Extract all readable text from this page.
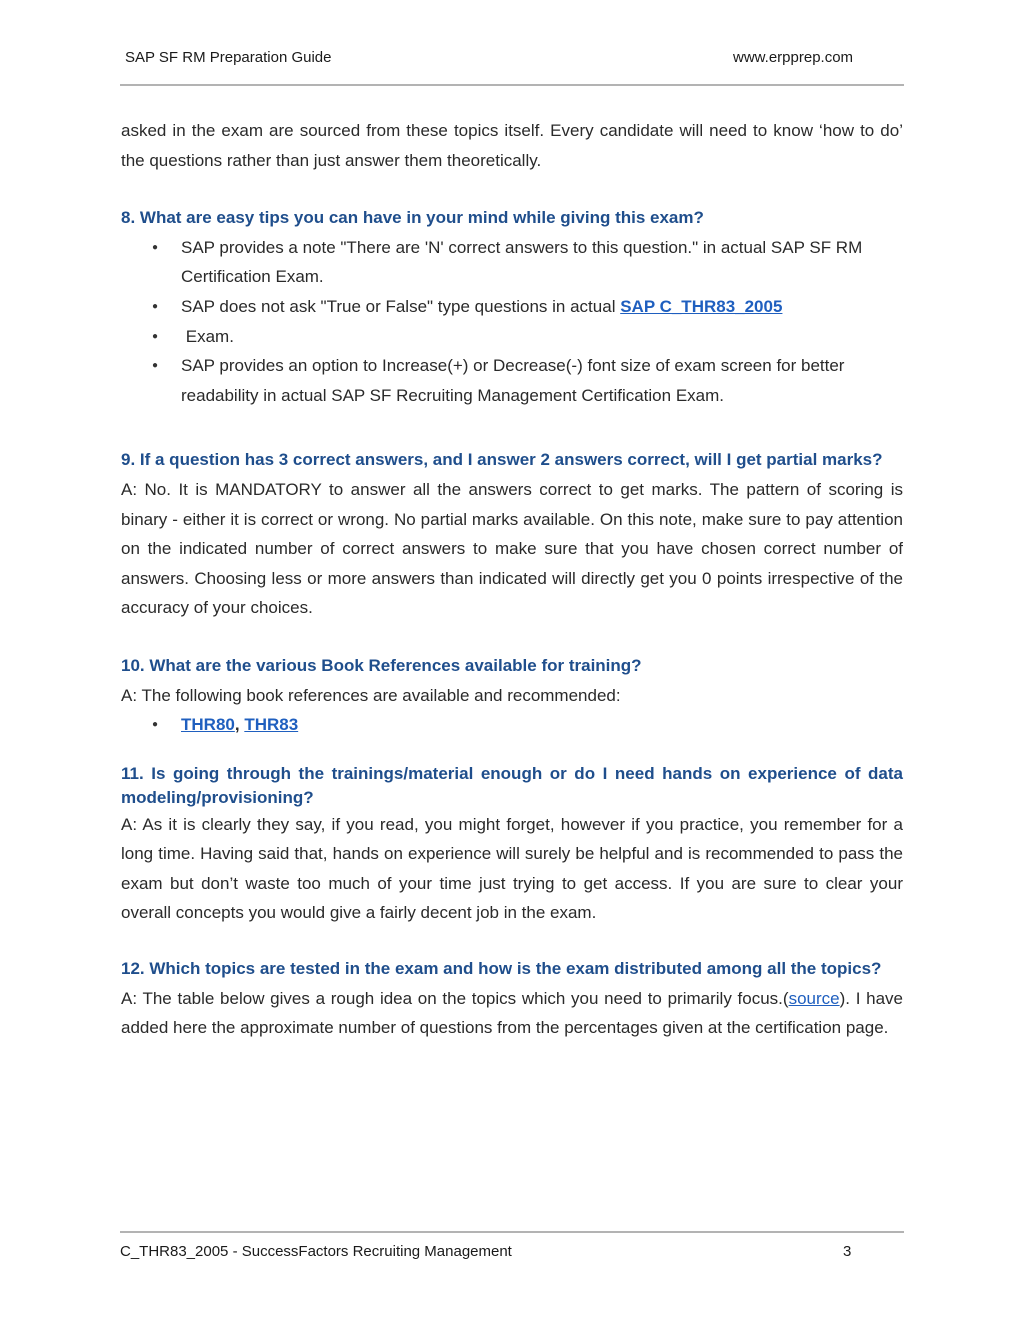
SAP SF RM Preparation Guide	www.erpprep.com

asked in the exam are sourced from these topics itself. Every candidate will need to know ‘how to do’ the questions rather than just answer them theoretically.

8. What are easy tips you can have in your mind while giving this exam?

● SAP provides a note "There are 'N' correct answers to this question." in actual SAP SF RM Certification Exam.
● SAP does not ask "True or False" type questions in actual SAP C_THR83_2005
● Exam.
● SAP provides an option to Increase(+) or Decrease(-) font size of exam screen for better readability in actual SAP SF Recruiting Management Certification Exam.

9. If a question has 3 correct answers, and I answer 2 answers correct, will I get partial marks?

A: No. It is MANDATORY to answer all the answers correct to get marks. The pattern of scoring is binary - either it is correct or wrong. No partial marks available. On this note, make sure to pay attention on the indicated number of correct answers to make sure that you have chosen correct number of answers. Choosing less or more answers than indicated will directly get you 0 points irrespective of the accuracy of your choices.

10. What are the various Book References available for training?

A: The following book references are available and recommended:

● THR80, THR83

11. Is going through the trainings/material enough or do I need hands on experience of data modeling/provisioning?

A: As it is clearly they say, if you read, you might forget, however if you practice, you remember for a long time. Having said that, hands on experience will surely be helpful and is recommended to pass the exam but don’t waste too much of your time just trying to get access. If you are sure to clear your overall concepts you would give a fairly decent job in the exam.

12. Which topics are tested in the exam and how is the exam distributed among all the topics?

A: The table below gives a rough idea on the topics which you need to primarily focus.(source). I have added here the approximate number of questions from the percentages given at the certification page.

C_THR83_2005 - SuccessFactors Recruiting Management	3
